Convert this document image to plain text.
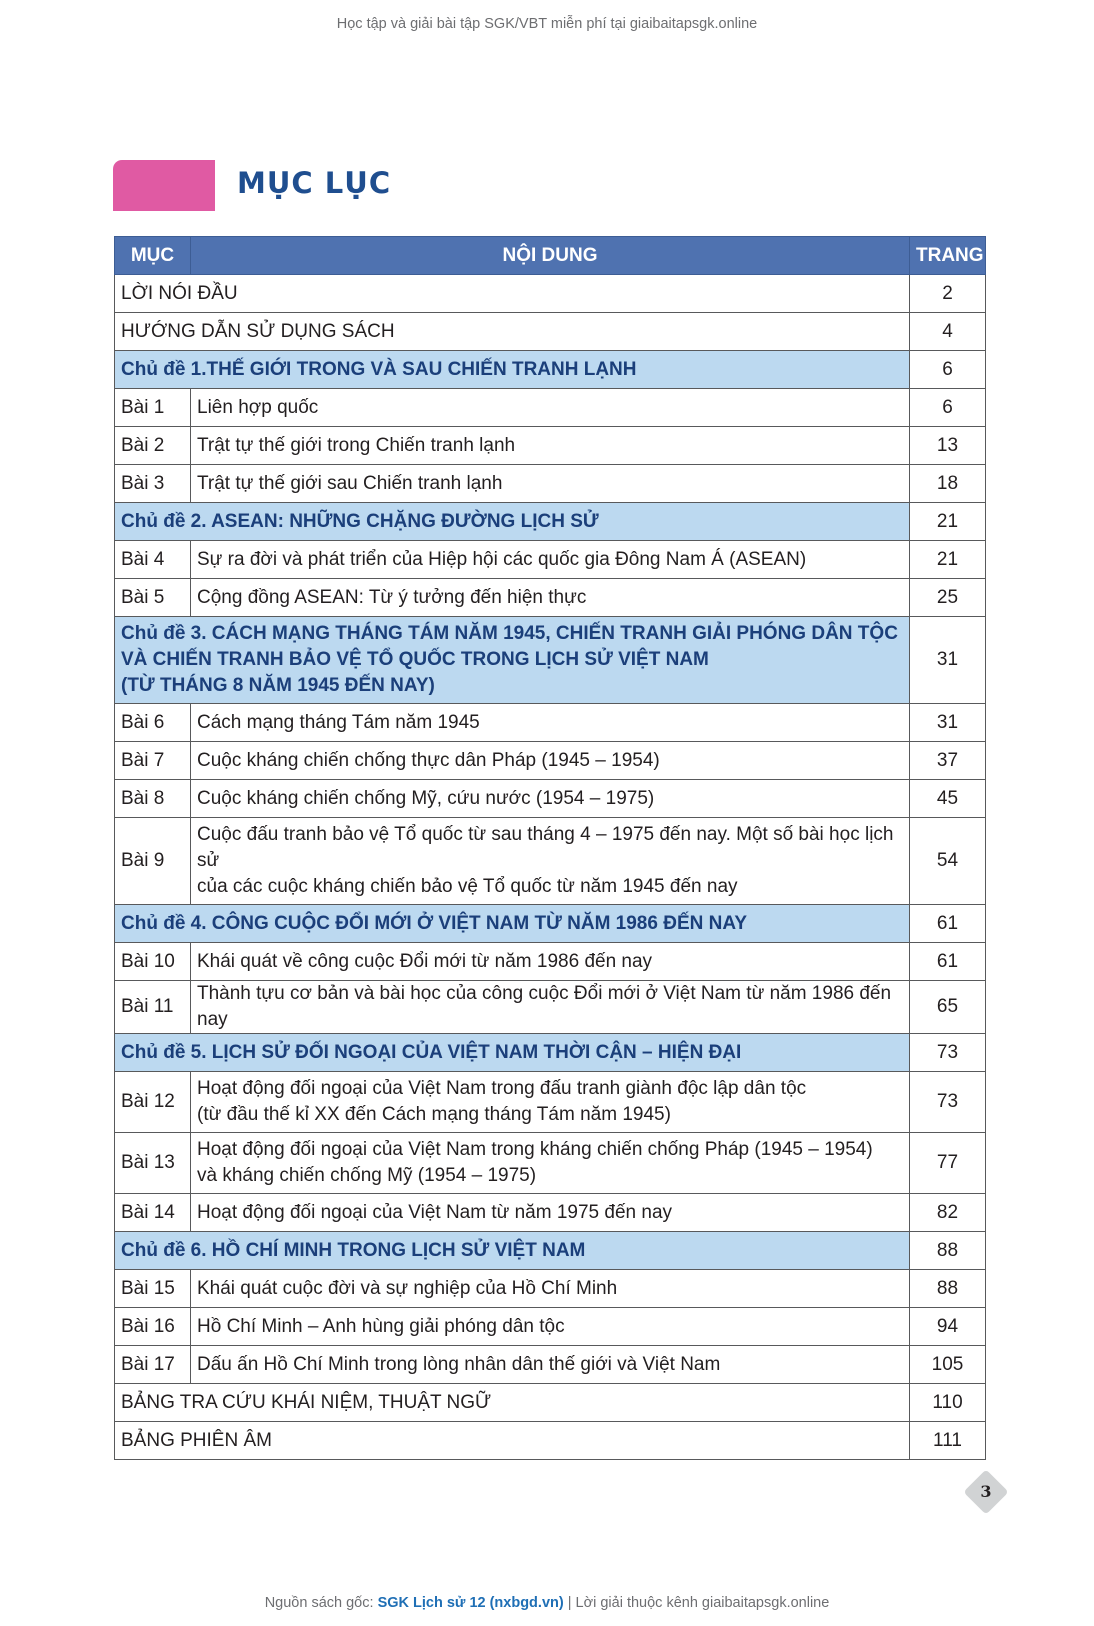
Học tập và giải bài tập SGK/VBT miễn phí tại giaibaitapsgk.online
MỤC LỤC
MỤC	NỘI DUNG	TRANG
LỜI NÓI ĐẦU		2
HƯỚNG DẪN SỬ DỤNG SÁCH		4

Chủ đề 1.THẾ GIỚI TRONG VÀ SAU CHIẾN TRANH LẠNH		6
Bài 1	Liên hợp quốc	6
Bài 2	Trật tự thế giới trong Chiến tranh lạnh	13
Bài 3	Trật tự thế giới sau Chiến tranh lạnh	18

Chủ đề 2. ASEAN: NHỮNG CHẶNG ĐƯỜNG LỊCH SỬ		21
Bài 4	Sự ra đời và phát triển của Hiệp hội các quốc gia Đông Nam Á (ASEAN)	21
Bài 5	Cộng đồng ASEAN: Từ ý tưởng đến hiện thực	25

Chủ đề 3. CÁCH MẠNG THÁNG TÁM NĂM 1945, CHIẾN TRANH GIẢI PHÓNG DÂN TỘC
VÀ CHIẾN TRANH BẢO VỆ TỔ QUỐC TRONG LỊCH SỬ VIỆT NAM
(TỪ THÁNG 8 NĂM 1945 ĐẾN NAY)		31
Bài 6	Cách mạng tháng Tám năm 1945	31
Bài 7	Cuộc kháng chiến chống thực dân Pháp (1945 – 1954)	37
Bài 8	Cuộc kháng chiến chống Mỹ, cứu nước (1954 – 1975)	45
Bài 9	Cuộc đấu tranh bảo vệ Tổ quốc từ sau tháng 4 – 1975 đến nay. Một số bài học lịch sử
của các cuộc kháng chiến bảo vệ Tổ quốc từ năm 1945 đến nay	54

Chủ đề 4. CÔNG CUỘC ĐỔI MỚI Ở VIỆT NAM TỪ NĂM 1986 ĐẾN NAY		61
Bài 10	Khái quát về công cuộc Đổi mới từ năm 1986 đến nay	61
Bài 11	Thành tựu cơ bản và bài học của công cuộc Đổi mới ở Việt Nam từ năm 1986 đến nay	65

Chủ đề 5. LỊCH SỬ ĐỐI NGOẠI CỦA VIỆT NAM THỜI CẬN – HIỆN ĐẠI		73
Bài 12	Hoạt động đối ngoại của Việt Nam trong đấu tranh giành độc lập dân tộc
(từ đầu thế kỉ XX đến Cách mạng tháng Tám năm 1945)	73
Bài 13	Hoạt động đối ngoại của Việt Nam trong kháng chiến chống Pháp (1945 – 1954)
và kháng chiến chống Mỹ (1954 – 1975)	77
Bài 14	Hoạt động đối ngoại của Việt Nam từ năm 1975 đến nay	82

Chủ đề 6. HỒ CHÍ MINH TRONG LỊCH SỬ VIỆT NAM		88
Bài 15	Khái quát cuộc đời và sự nghiệp của Hồ Chí Minh	88
Bài 16	Hồ Chí Minh – Anh hùng giải phóng dân tộc	94
Bài 17	Dấu ấn Hồ Chí Minh trong lòng nhân dân thế giới và Việt Nam	105
BẢNG TRA CỨU KHÁI NIỆM, THUẬT NGỮ		110
BẢNG PHIÊN ÂM		111
3
Nguồn sách gốc: SGK Lịch sử 12 (nxbgd.vn) | Lời giải thuộc kênh giaibaitapsgk.online
